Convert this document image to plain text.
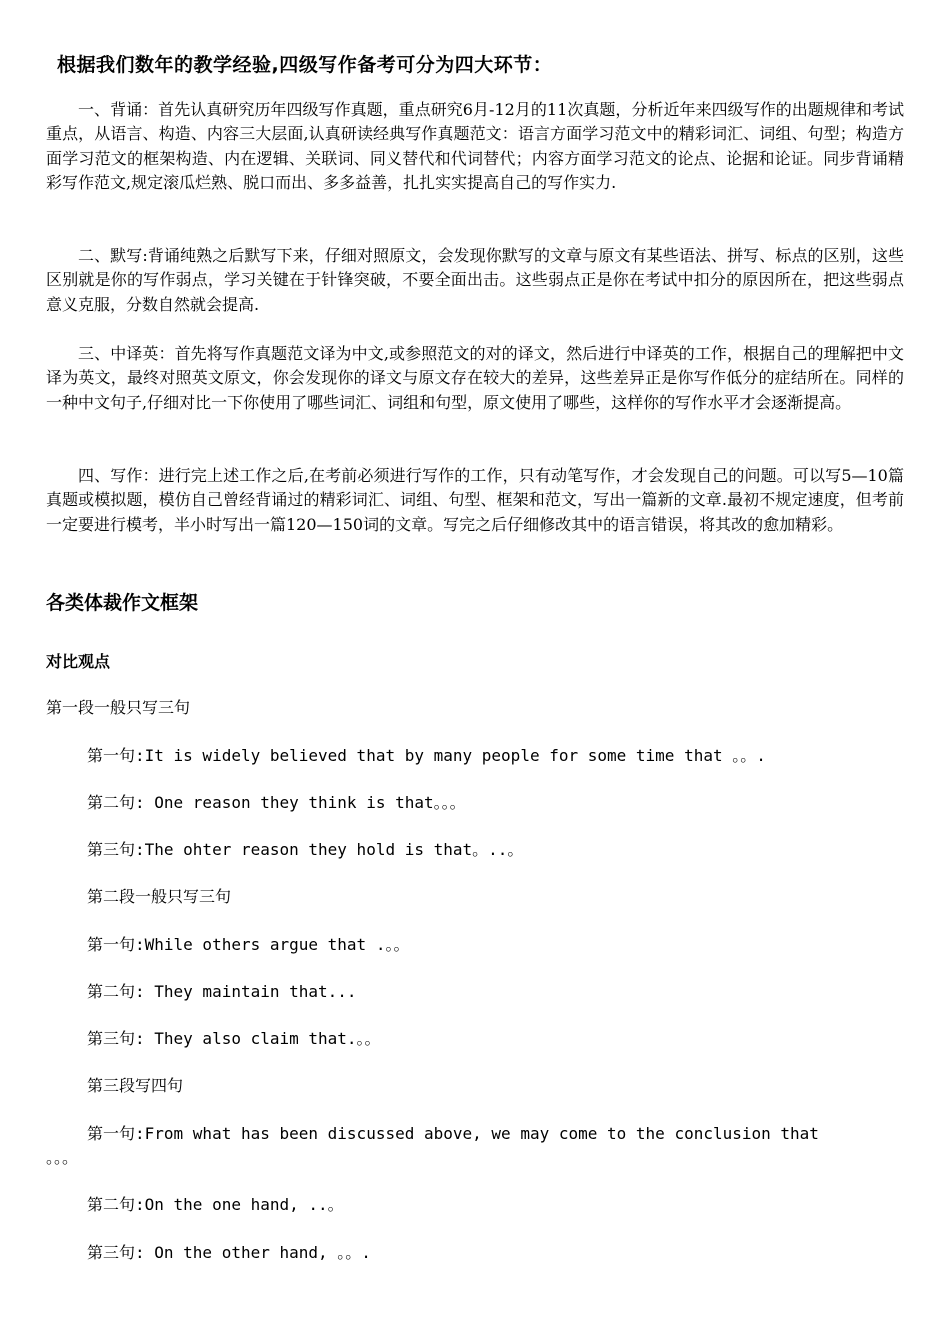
根据我们数年的教学经验,四级写作备考可分为四大环节：

一、背诵：首先认真研究历年四级写作真题，重点研究6月-12月的11次真题，分析近年来四级写作的出题规律和考试重点，从语言、构造、内容三大层面,认真研读经典写作真题范文：语言方面学习范文中的精彩词汇、词组、句型；构造方面学习范文的框架构造、内在逻辑、关联词、同义替代和代词替代；内容方面学习范文的论点、论据和论证。同步背诵精彩写作范文,规定滚瓜烂熟、脱口而出、多多益善，扎扎实实提高自己的写作实力.

二、默写:背诵纯熟之后默写下来，仔细对照原文，会发现你默写的文章与原文有某些语法、拼写、标点的区别，这些区别就是你的写作弱点，学习关键在于针锋突破，不要全面出击。这些弱点正是你在考试中扣分的原因所在，把这些弱点意义克服，分数自然就会提高.

三、中译英：首先将写作真题范文译为中文,或参照范文的对的译文，然后进行中译英的工作，根据自己的理解把中文译为英文，最终对照英文原文，你会发现你的译文与原文存在较大的差异，这些差异正是你写作低分的症结所在。同样的一种中文句子,仔细对比一下你使用了哪些词汇、词组和句型，原文使用了哪些，这样你的写作水平才会逐渐提高。

四、写作：进行完上述工作之后,在考前必须进行写作的工作，只有动笔写作，才会发现自己的问题。可以写5—10篇真题或模拟题，模仿自己曾经背诵过的精彩词汇、词组、句型、框架和范文，写出一篇新的文章.最初不规定速度，但考前一定要进行模考，半小时写出一篇120—150词的文章。写完之后仔细修改其中的语言错误，将其改的愈加精彩。

各类体裁作文框架
对比观点
第一段一般只写三句
第一句:It is widely believed that by many people for some time that 。。.
第二句: One reason they think is that。。。
第三句:The ohter reason they hold is that。..。
第二段一般只写三句
第一句:While others argue that .。。
第二句: They maintain that...
第三句: They also claim that.。。
第三段写四句
第一句:From what has been discussed above, we may come to the conclusion that
。。。
第二句:On the one hand, ..。
第三句: On the other hand, 。。.
